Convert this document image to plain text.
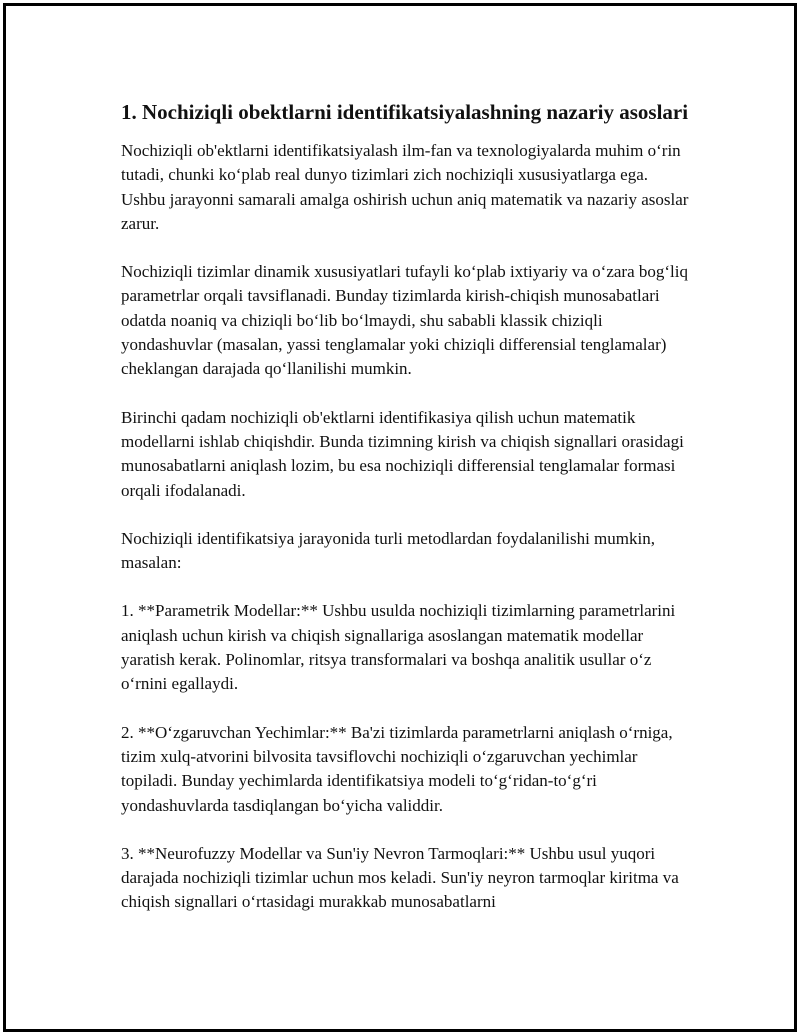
1. Nochiziqli obektlarni identifikatsiyalashning nazariy asoslari

Nochiziqli ob'ektlarni identifikatsiyalash ilm-fan va texnologiyalarda muhim o‘rin tutadi, chunki ko‘plab real dunyo tizimlari zich nochiziqli xususiyatlarga ega. Ushbu jarayonni samarali amalga oshirish uchun aniq matematik va nazariy asoslar zarur.

Nochiziqli tizimlar dinamik xususiyatlari tufayli ko‘plab ixtiyariy va o‘zara bog‘liq parametrlar orqali tavsiflanadi. Bunday tizimlarda kirish-chiqish munosabatlari odatda noaniq va chiziqli bo‘lib bo‘lmaydi, shu sababli klassik chiziqli yondashuvlar (masalan, yassi tenglamalar yoki chiziqli differensial tenglamalar) cheklangan darajada qo‘llanilishi mumkin.

Birinchi qadam nochiziqli ob'ektlarni identifikasiya qilish uchun matematik modellarni ishlab chiqishdir. Bunda tizimning kirish va chiqish signallari orasidagi munosabatlarni aniqlash lozim, bu esa nochiziqli differensial tenglamalar formasi orqali ifodalanadi.

Nochiziqli identifikatsiya jarayonida turli metodlardan foydalanilishi mumkin, masalan:

1. **Parametrik Modellar:** Ushbu usulda nochiziqli tizimlarning parametrlarini aniqlash uchun kirish va chiqish signallariga asoslangan matematik modellar yaratish kerak. Polinomlar, ritsya transformalari va boshqa analitik usullar o‘z o‘rnini egallaydi.

2. **O‘zgaruvchan Yechimlar:** Ba'zi tizimlarda parametrlarni aniqlash o‘rniga, tizim xulq-atvorini bilvosita tavsiflovchi nochiziqli o‘zgaruvchan yechimlar topiladi. Bunday yechimlarda identifikatsiya modeli to‘g‘ridan-to‘g‘ri yondashuvlarda tasdiqlangan bo‘yicha validdir.

3. **Neurofuzzy Modellar va Sun'iy Nevron Tarmoqlari:** Ushbu usul yuqori darajada nochiziqli tizimlar uchun mos keladi. Sun'iy neyron tarmoqlar kiritma va chiqish signallari o‘rtasidagi murakkab munosabatlarni
